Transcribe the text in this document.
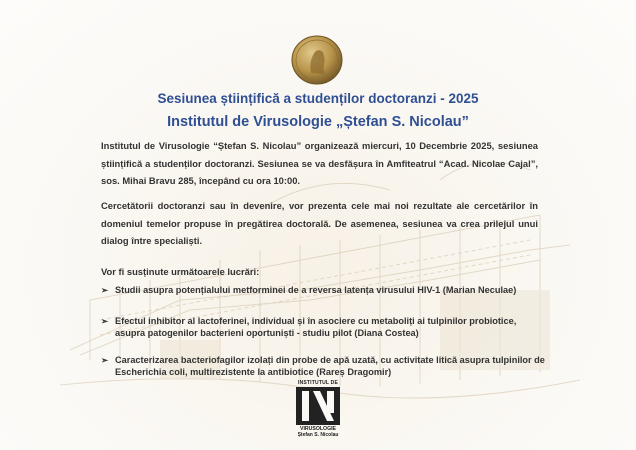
Sesiunea științifică a studenților doctoranzi - 2025
Institutul de Virusologie „Ștefan S. Nicolau”
Institutul de Virusologie “Ștefan S. Nicolau” organizează miercuri, 10 Decembrie 2025, sesiunea științifică a studenților doctoranzi. Sesiunea se va desfășura în Amfiteatrul “Acad. Nicolae Cajal”, sos. Mihai Bravu 285, începând cu ora 10:00.
Cercetătorii doctoranzi sau în devenire, vor prezenta cele mai noi rezultate ale cercetărilor în domeniul temelor propuse în pregătirea doctorală. De asemenea, sesiunea va crea prilejul unui dialog între specialiști.
Vor fi susținute următoarele lucrări:
➢ Studii asupra potențialului metforminei de a reversa latența virusului HIV-1 (Marian Neculae)
➢ Efectul inhibitor al lactoferinei, individual și în asociere cu metaboliți ai tulpinilor probiotice, asupra patogenilor bacterieni oportuniști - studiu pilot (Diana Costea)
➢ Caracterizarea bacteriofagilor izolați din probe de apă uzată, cu activitate litică asupra tulpinilor de Escherichia coli, multirezistente la antibiotice (Rareș Dragomir)
INSTITUTUL DE
VIRUSOLOGIE
Ștefan S. Nicolau
